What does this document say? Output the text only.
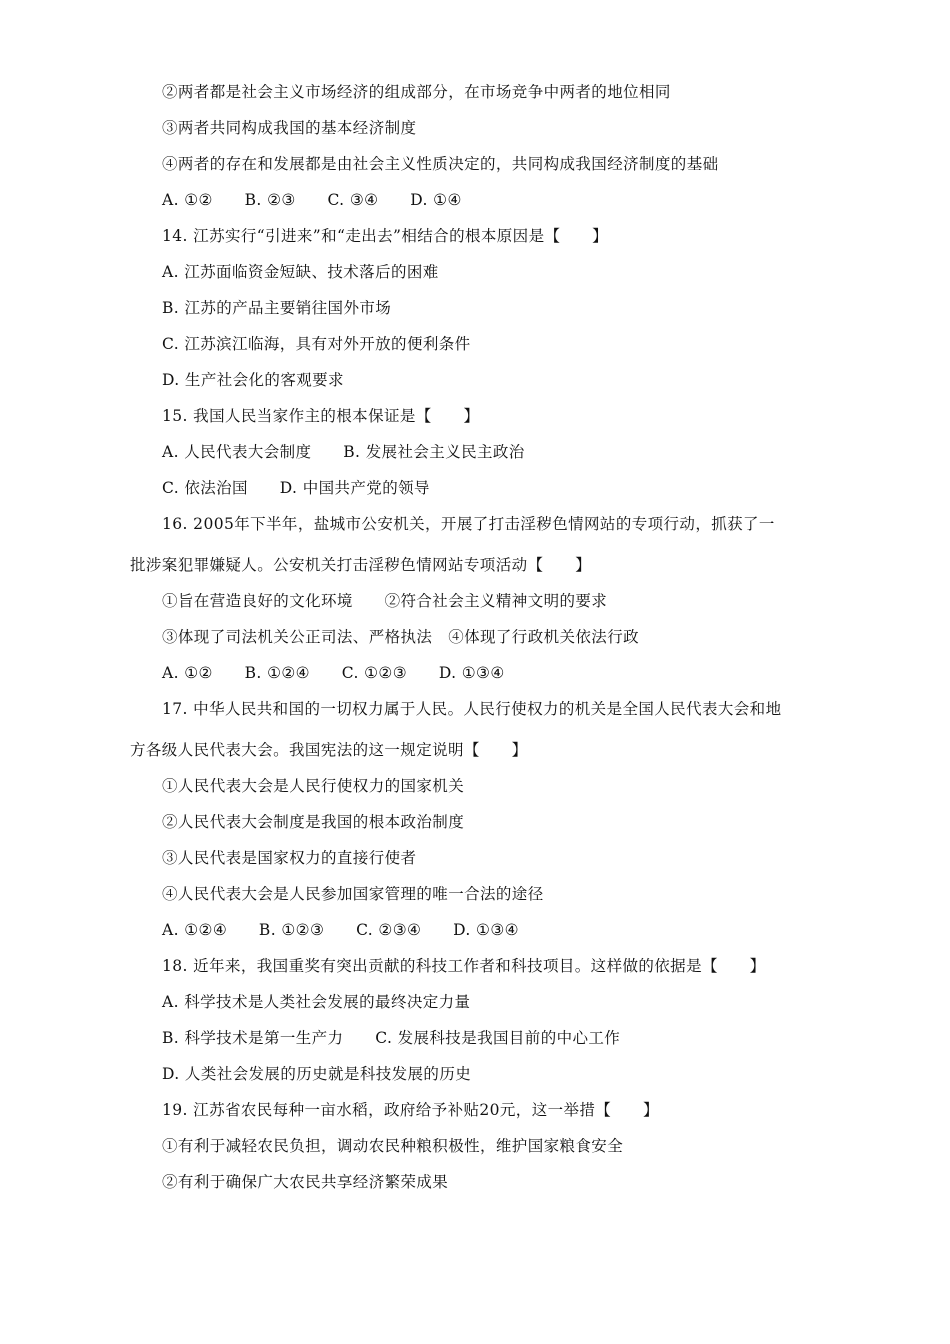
②两者都是社会主义市场经济的组成部分，在市场竞争中两者的地位相同
③两者共同构成我国的基本经济制度
④两者的存在和发展都是由社会主义性质决定的，共同构成我国经济制度的基础
A. ①②　　B. ②③　　C. ③④　　D. ①④
14. 江苏实行“引进来”和“走出去”相结合的根本原因是【　　】
A. 江苏面临资金短缺、技术落后的困难
B. 江苏的产品主要销往国外市场
C. 江苏滨江临海，具有对外开放的便利条件
D. 生产社会化的客观要求
15. 我国人民当家作主的根本保证是【　　】
A. 人民代表大会制度　　B. 发展社会主义民主政治
C. 依法治国　　D. 中国共产党的领导
16. 2005年下半年，盐城市公安机关，开展了打击淫秽色情网站的专项行动，抓获了一
批涉案犯罪嫌疑人。公安机关打击淫秽色情网站专项活动【　　】
①旨在营造良好的文化环境　　②符合社会主义精神文明的要求
③体现了司法机关公正司法、严格执法　④体现了行政机关依法行政
A. ①②　　B. ①②④　　C. ①②③　　D. ①③④
17. 中华人民共和国的一切权力属于人民。人民行使权力的机关是全国人民代表大会和地
方各级人民代表大会。我国宪法的这一规定说明【　　】
①人民代表大会是人民行使权力的国家机关
②人民代表大会制度是我国的根本政治制度
③人民代表是国家权力的直接行使者
④人民代表大会是人民参加国家管理的唯一合法的途径
A. ①②④　　B. ①②③　　C. ②③④　　D. ①③④
18. 近年来，我国重奖有突出贡献的科技工作者和科技项目。这样做的依据是【　　】
A. 科学技术是人类社会发展的最终决定力量
B. 科学技术是第一生产力　　C. 发展科技是我国目前的中心工作
D. 人类社会发展的历史就是科技发展的历史
19. 江苏省农民每种一亩水稻，政府给予补贴20元，这一举措【　　】
①有利于减轻农民负担，调动农民种粮积极性，维护国家粮食安全
②有利于确保广大农民共享经济繁荣成果
